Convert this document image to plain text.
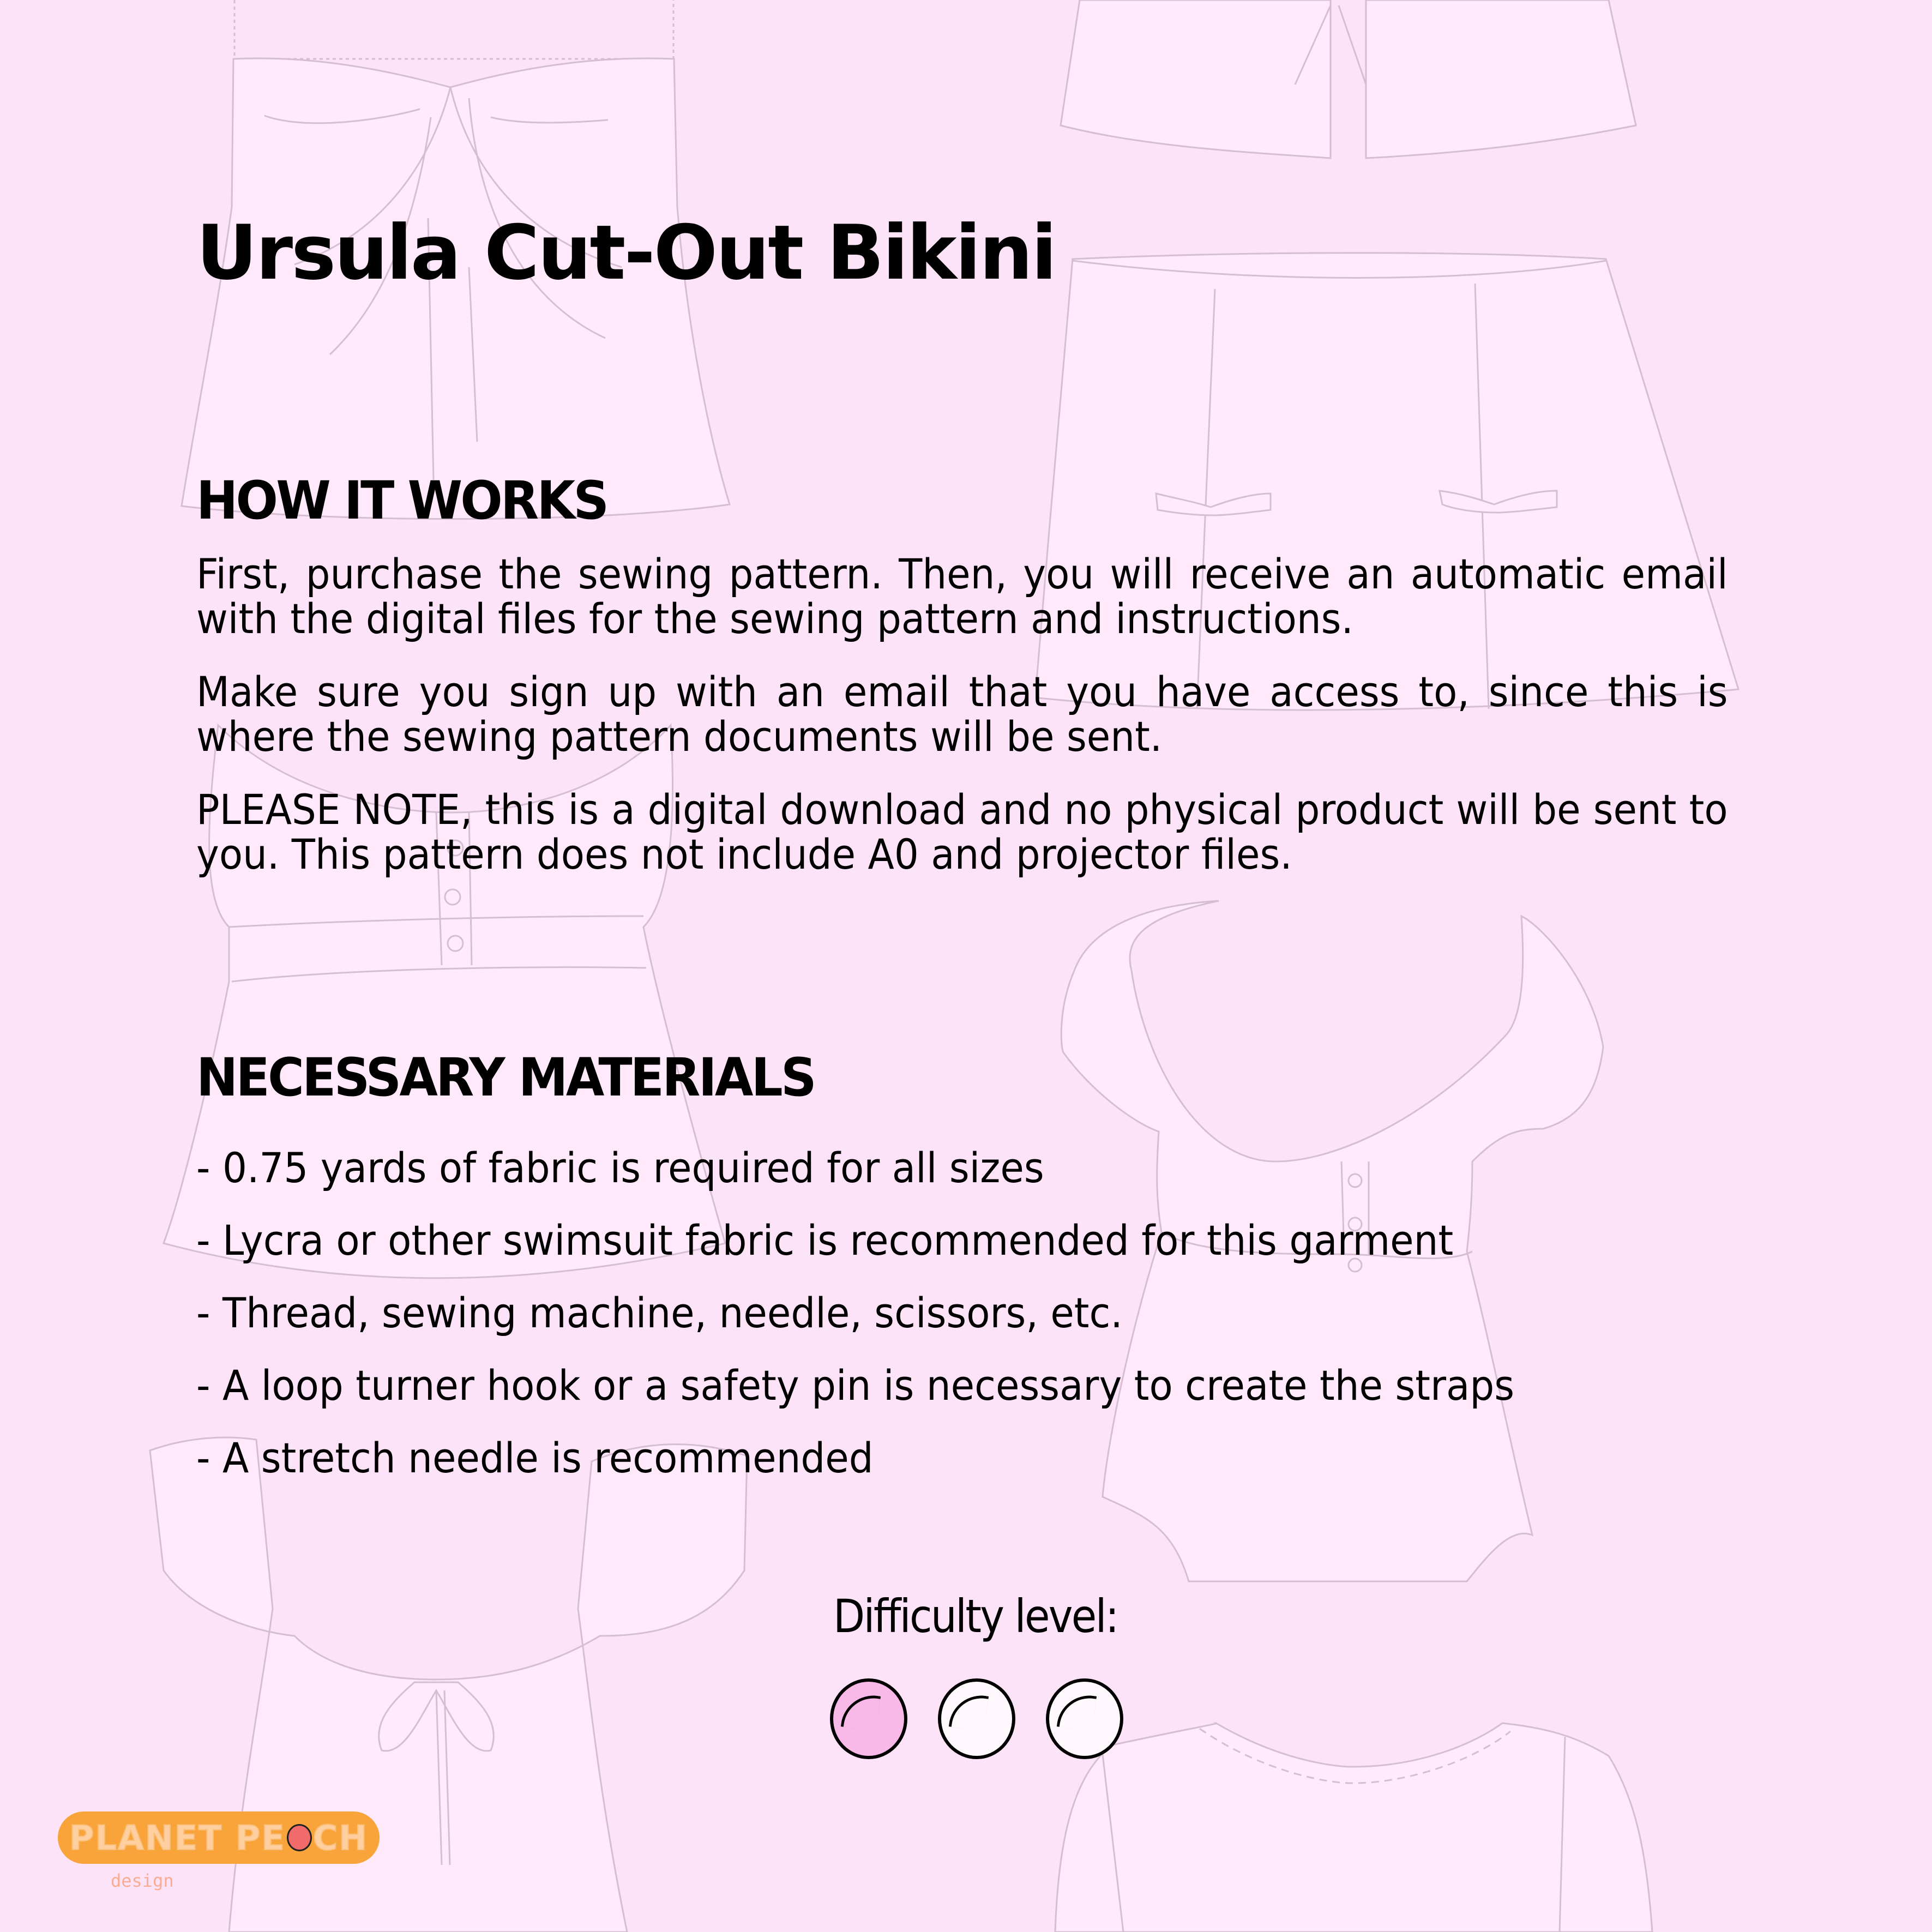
Ursula Cut-Out Bikini
HOW IT WORKS

First, purchase the sewing pattern. Then, you will receive an automatic email with the digital files for the sewing pattern and instructions.

Make sure you sign up with an email that you have access to, since this is where the sewing pattern documents will be sent.

PLEASE NOTE, this is a digital download and no physical product will be sent to you. This pattern does not include A0 and projector files.

NECESSARY MATERIALS
- 0.75 yards of fabric is required for all sizes
- Lycra or other swimsuit fabric is recommended for this garment
- Thread, sewing machine, needle, scissors, etc.
- A loop turner hook or a safety pin is necessary to create the straps
- A stretch needle is recommended
Difficulty level:
PLANET PE CH
design
